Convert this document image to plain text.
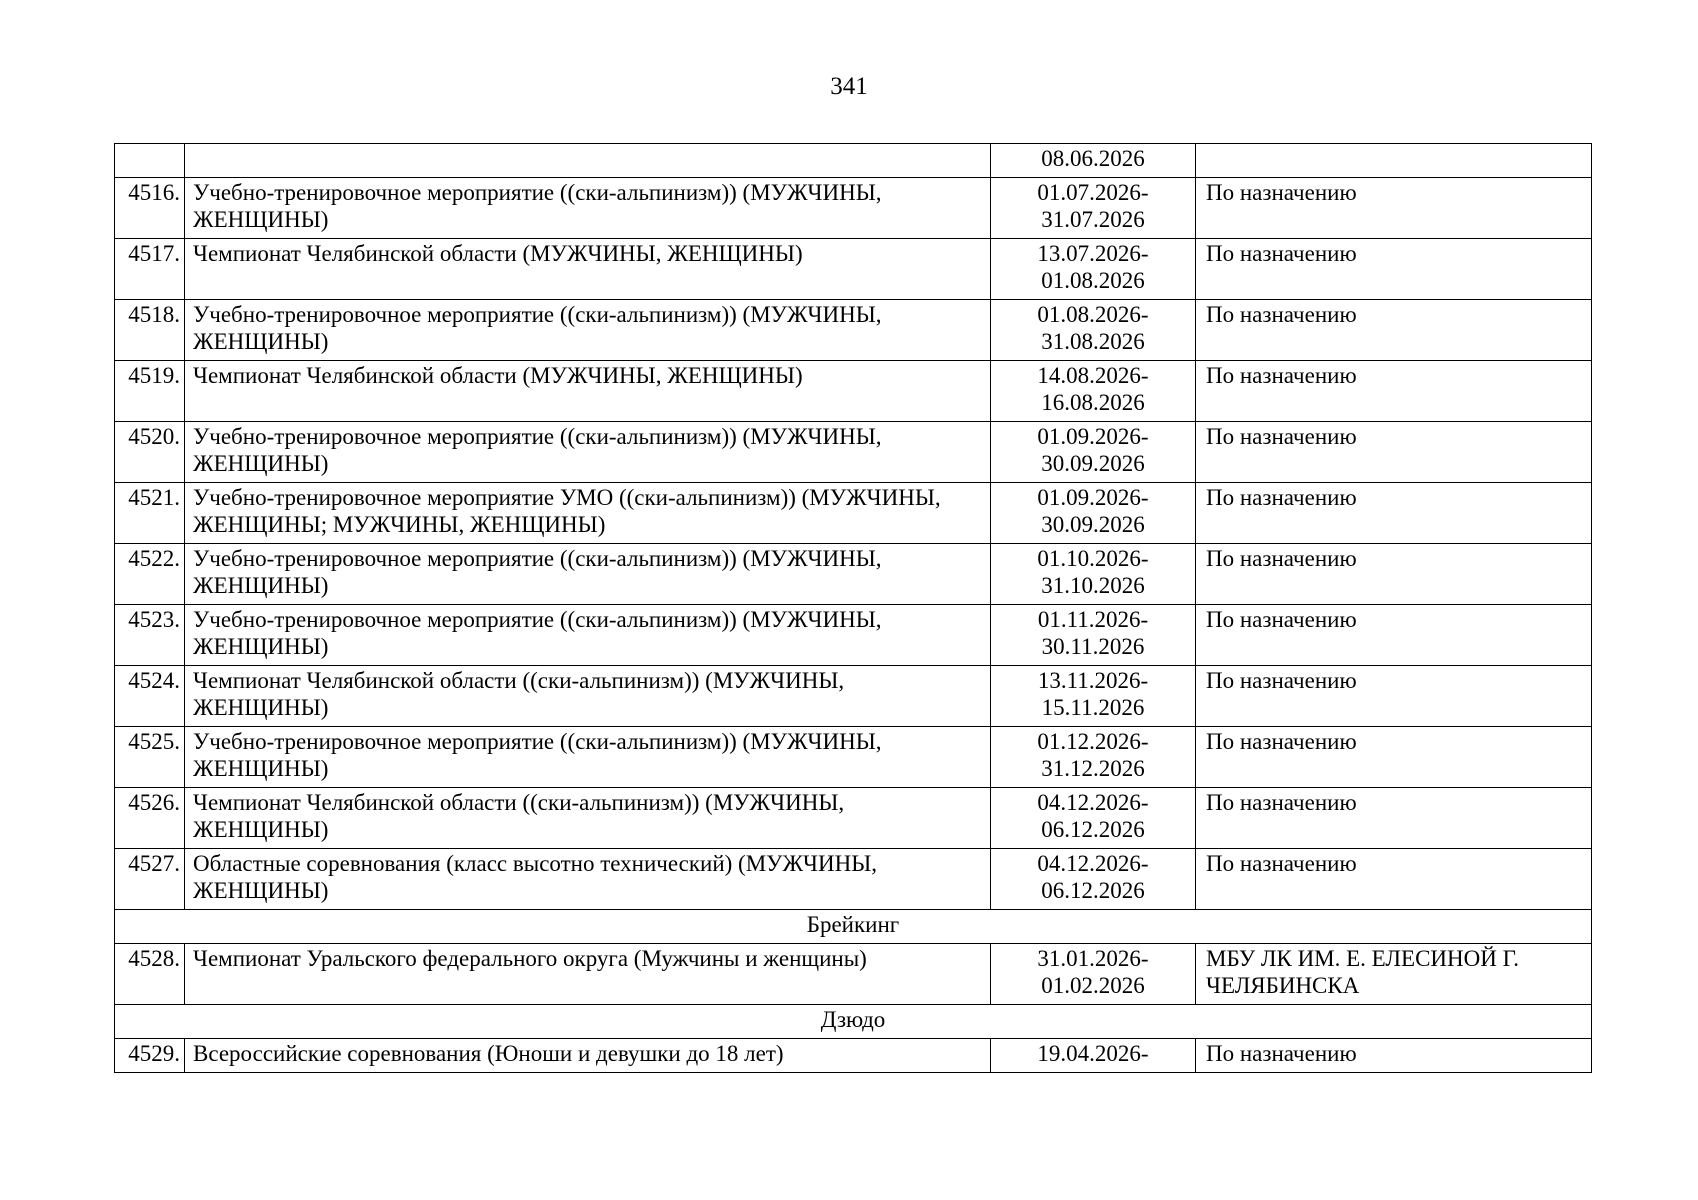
341
		08.06.2026	
4516.	Учебно-тренировочное мероприятие ((ски-альпинизм)) (МУЖЧИНЫ, ЖЕНЩИНЫ)	01.07.2026-
31.07.2026	По назначению
4517.	Чемпионат Челябинской области (МУЖЧИНЫ, ЖЕНЩИНЫ)	13.07.2026-
01.08.2026	По назначению
4518.	Учебно-тренировочное мероприятие ((ски-альпинизм)) (МУЖЧИНЫ, ЖЕНЩИНЫ)	01.08.2026-
31.08.2026	По назначению
4519.	Чемпионат Челябинской области (МУЖЧИНЫ, ЖЕНЩИНЫ)	14.08.2026-
16.08.2026	По назначению
4520.	Учебно-тренировочное мероприятие ((ски-альпинизм)) (МУЖЧИНЫ, ЖЕНЩИНЫ)	01.09.2026-
30.09.2026	По назначению
4521.	Учебно-тренировочное мероприятие УМО ((ски-альпинизм)) (МУЖЧИНЫ, ЖЕНЩИНЫ; МУЖЧИНЫ, ЖЕНЩИНЫ)	01.09.2026-
30.09.2026	По назначению
4522.	Учебно-тренировочное мероприятие ((ски-альпинизм)) (МУЖЧИНЫ, ЖЕНЩИНЫ)	01.10.2026-
31.10.2026	По назначению
4523.	Учебно-тренировочное мероприятие ((ски-альпинизм)) (МУЖЧИНЫ, ЖЕНЩИНЫ)	01.11.2026-
30.11.2026	По назначению
4524.	Чемпионат Челябинской области ((ски-альпинизм)) (МУЖЧИНЫ, ЖЕНЩИНЫ)	13.11.2026-
15.11.2026	По назначению
4525.	Учебно-тренировочное мероприятие ((ски-альпинизм)) (МУЖЧИНЫ, ЖЕНЩИНЫ)	01.12.2026-
31.12.2026	По назначению
4526.	Чемпионат Челябинской области ((ски-альпинизм)) (МУЖЧИНЫ, ЖЕНЩИНЫ)	04.12.2026-
06.12.2026	По назначению
4527.	Областные соревнования (класс высотно технический) (МУЖЧИНЫ, ЖЕНЩИНЫ)	04.12.2026-
06.12.2026	По назначению
Брейкинг			
4528.	Чемпионат Уральского федерального округа (Мужчины и женщины)	31.01.2026-
01.02.2026	МБУ ЛК ИМ. Е. ЕЛЕСИНОЙ Г. ЧЕЛЯБИНСКА
Дзюдо			
4529.	Всероссийские соревнования (Юноши и девушки до 18 лет)	19.04.2026-	По назначению
